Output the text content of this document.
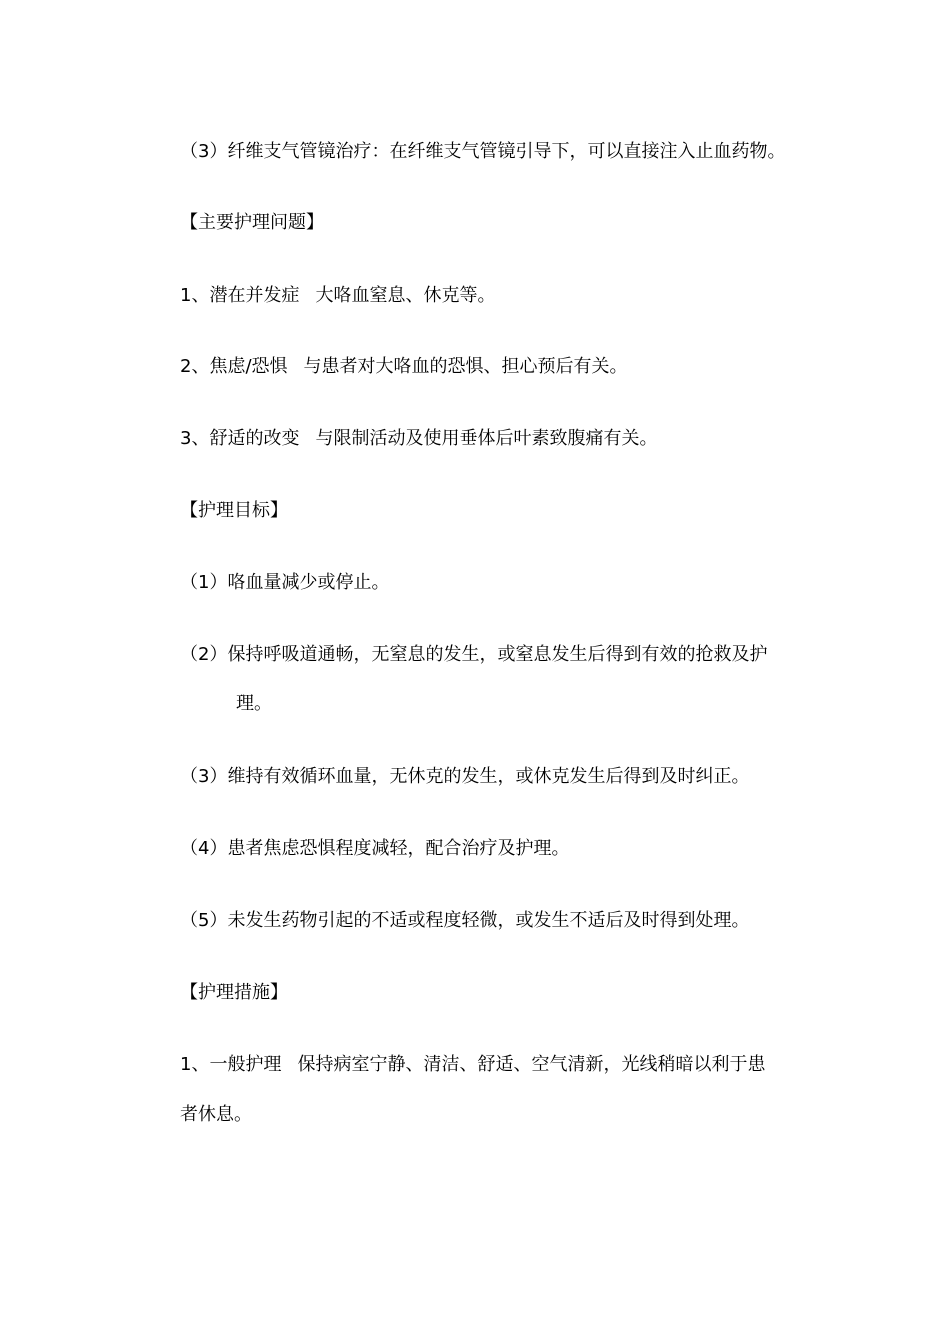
（3）纤维支气管镜治疗：在纤维支气管镜引导下，可以直接注入止血药物。
【主要护理问题】
1、潜在并发症 大咯血窒息、休克等。
2、焦虑/恐惧 与患者对大咯血的恐惧、担心预后有关。
3、舒适的改变 与限制活动及使用垂体后叶素致腹痛有关。
【护理目标】
（1）咯血量减少或停止。
（2）保持呼吸道通畅，无窒息的发生，或窒息发生后得到有效的抢救及护
理。
（3）维持有效循环血量，无休克的发生，或休克发生后得到及时纠正。
（4）患者焦虑恐惧程度减轻，配合治疗及护理。
（5）未发生药物引起的不适或程度轻微，或发生不适后及时得到处理。
【护理措施】
1、一般护理 保持病室宁静、清洁、舒适、空气清新，光线稍暗以利于患
者休息。
